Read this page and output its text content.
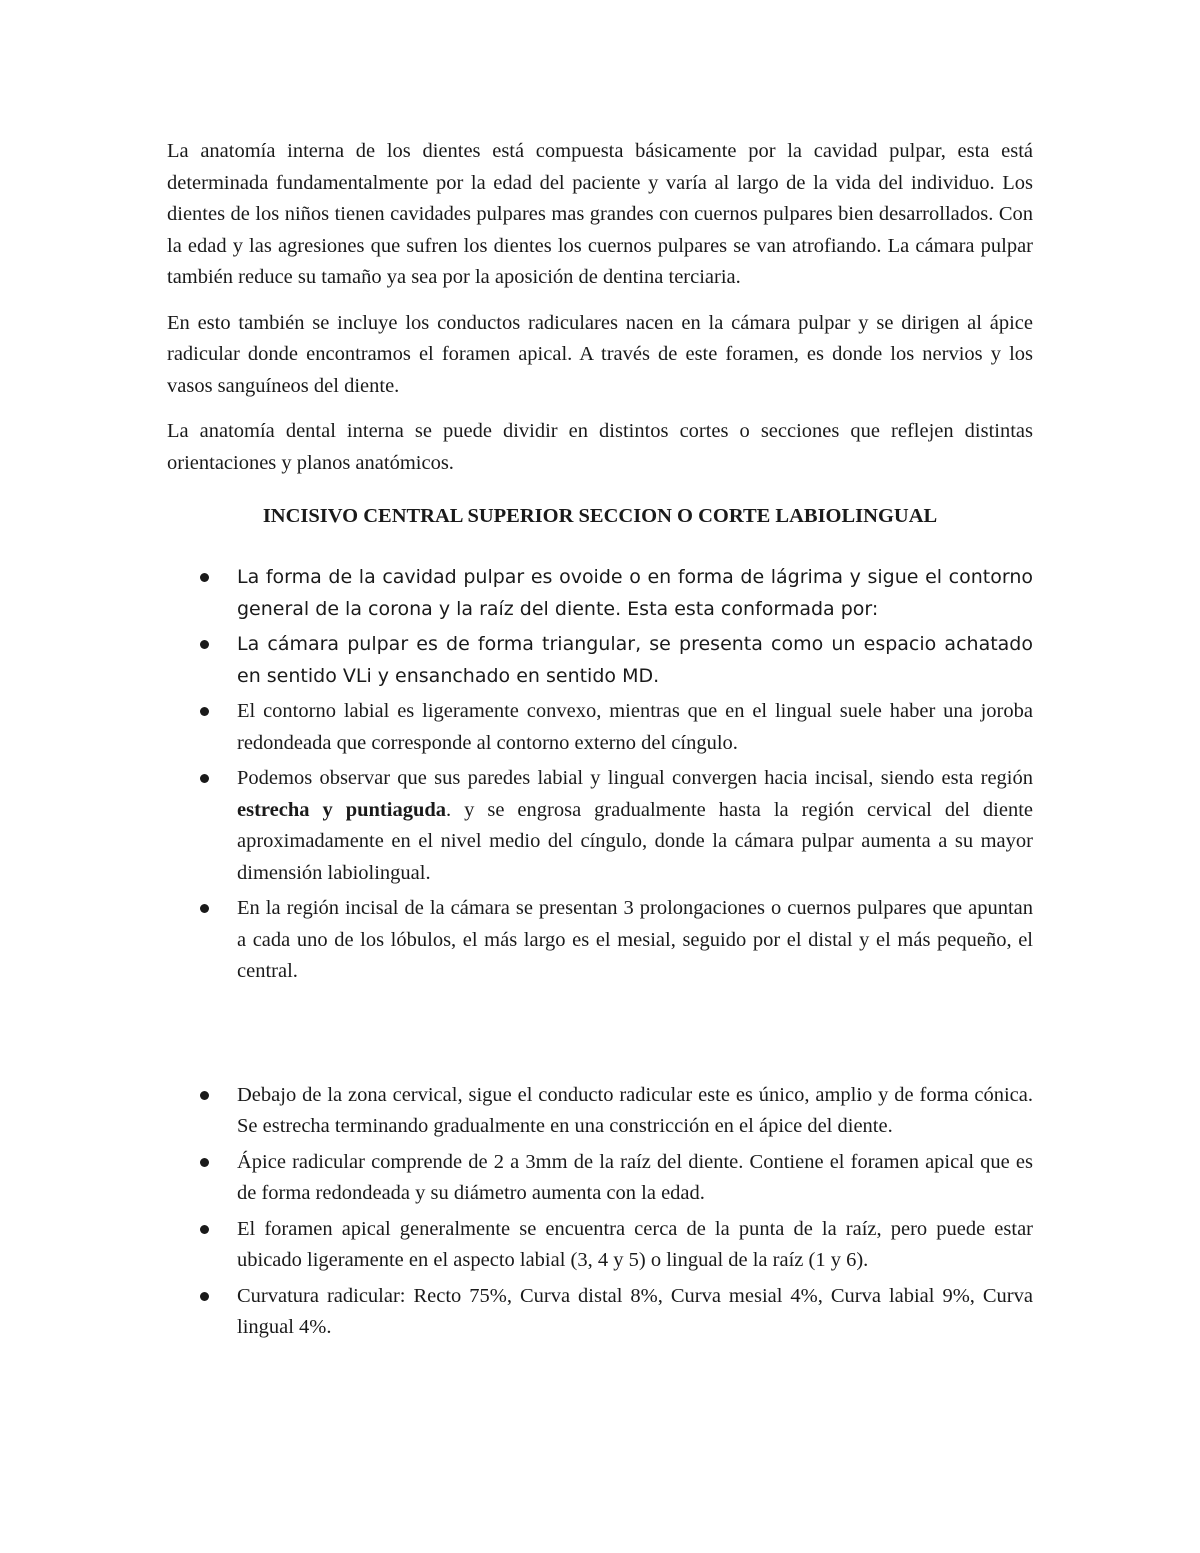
La anatomía interna de los dientes está compuesta básicamente por la cavidad pulpar, esta está determinada fundamentalmente por la edad del paciente y varía al largo de la vida del individuo. Los dientes de los niños tienen cavidades pulpares mas grandes con cuernos pulpares bien desarrollados. Con la edad y las agresiones que sufren los dientes los cuernos pulpares se van atrofiando. La cámara pulpar también reduce su tamaño ya sea por la aposición de dentina terciaria.

En esto también se incluye los conductos radiculares nacen en la cámara pulpar y se dirigen al ápice radicular donde encontramos el foramen apical. A través de este foramen, es donde los nervios y los vasos sanguíneos del diente.

La anatomía dental interna se puede dividir en distintos cortes o secciones que reflejen distintas orientaciones y planos anatómicos.

INCISIVO CENTRAL SUPERIOR SECCION O CORTE LABIOLINGUAL
La forma de la cavidad pulpar es ovoide o en forma de lágrima y sigue el contorno general de la corona y la raíz del diente. Esta esta conformada por:
La cámara pulpar es de forma triangular, se presenta como un espacio achatado en sentido VLi y ensanchado en sentido MD.
El contorno labial es ligeramente convexo, mientras que en el lingual suele haber una joroba redondeada que corresponde al contorno externo del cíngulo.
Podemos observar que sus paredes labial y lingual convergen hacia incisal, siendo esta región estrecha y puntiaguda. y se engrosa gradualmente hasta la región cervical del diente aproximadamente en el nivel medio del cíngulo, donde la cámara pulpar aumenta a su mayor dimensión labiolingual.
En la región incisal de la cámara se presentan 3 prolongaciones o cuernos pulpares que apuntan a cada uno de los lóbulos, el más largo es el mesial, seguido por el distal y el más pequeño, el central.
Debajo de la zona cervical, sigue el conducto radicular este es único, amplio y de forma cónica. Se estrecha terminando gradualmente en una constricción en el ápice del diente.
Ápice radicular comprende de 2 a 3mm de la raíz del diente. Contiene el foramen apical que es de forma redondeada y su diámetro aumenta con la edad.
El foramen apical generalmente se encuentra cerca de la punta de la raíz, pero puede estar ubicado ligeramente en el aspecto labial (3, 4 y 5) o lingual de la raíz (1 y 6).
Curvatura radicular: Recto 75%, Curva distal 8%, Curva mesial 4%, Curva labial 9%, Curva lingual 4%.
